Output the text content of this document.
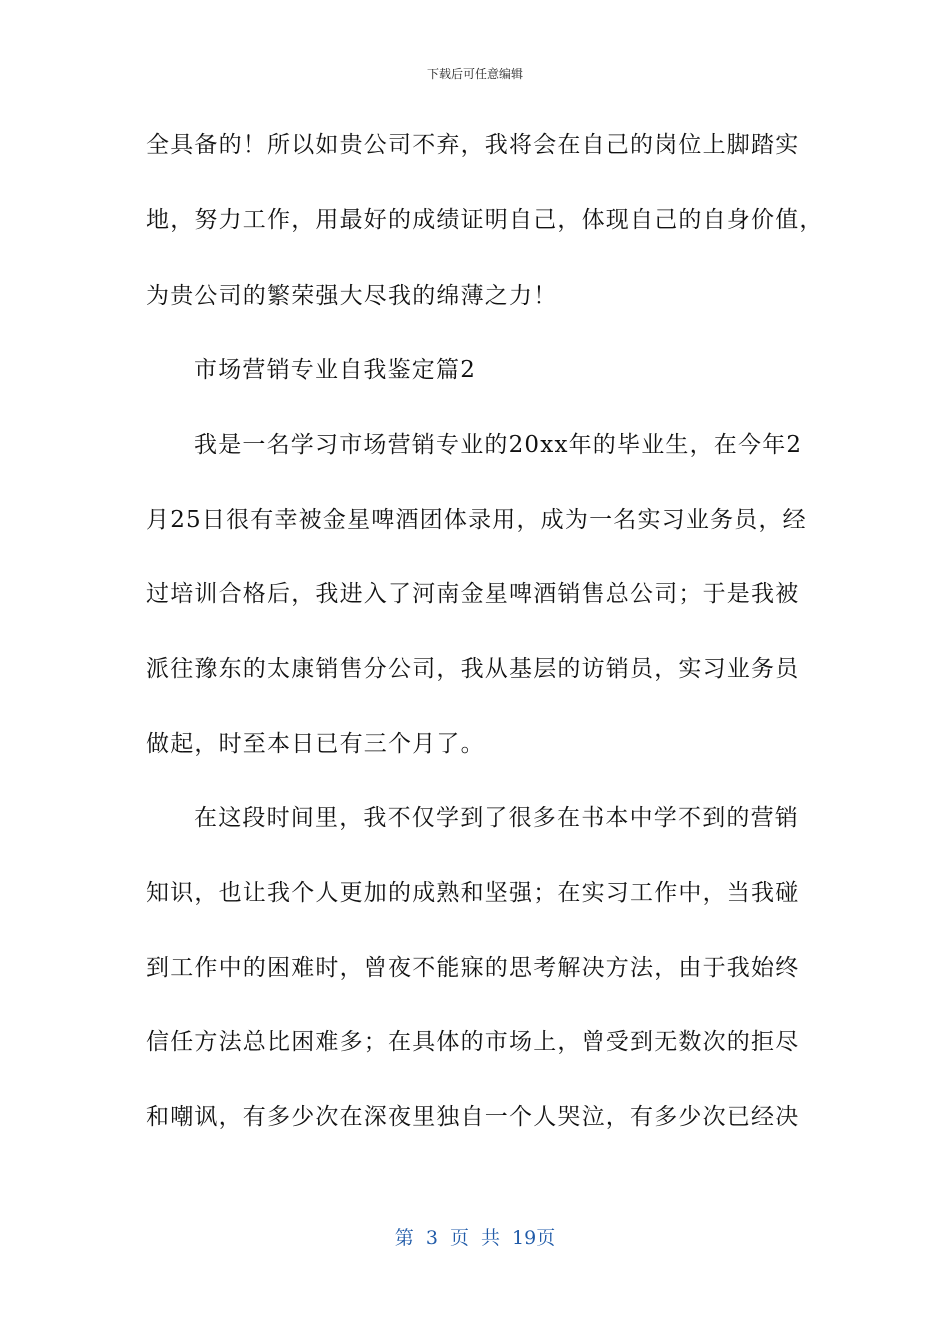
下载后可任意编辑
全具备的！所以如贵公司不弃，我将会在自己的岗位上脚踏实
地，努力工作，用最好的成绩证明自己，体现自己的自身价值，
为贵公司的繁荣强大尽我的绵薄之力！
市场营销专业自我鉴定篇2
我是一名学习市场营销专业的20xx年的毕业生，在今年2
月25日很有幸被金星啤酒团体录用，成为一名实习业务员，经
过培训合格后，我进入了河南金星啤酒销售总公司；于是我被
派往豫东的太康销售分公司，我从基层的访销员，实习业务员
做起，时至本日已有三个月了。
在这段时间里，我不仅学到了很多在书本中学不到的营销
知识，也让我个人更加的成熟和坚强；在实习工作中，当我碰
到工作中的困难时，曾夜不能寐的思考解决方法，由于我始终
信任方法总比困难多；在具体的市场上，曾受到无数次的拒尽
和嘲讽，有多少次在深夜里独自一个人哭泣，有多少次已经决
第 3 页 共 19页
